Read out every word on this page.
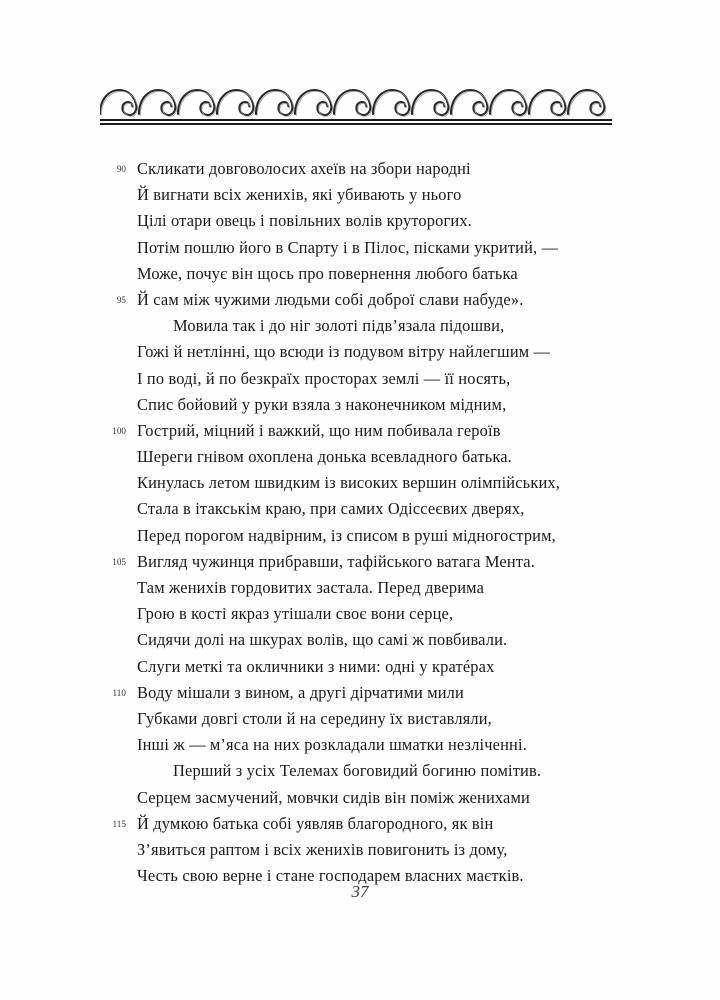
90 Скликати довговолосих ахеїв на збори народні
Й вигнати всіх женихів, які убивають у нього
Цілі отари овець і повільних волів круторогих.
Потім пошлю його в Спарту і в Пілос, пісками укритий, —
Може, почує він щось про повернення любого батька
95 Й сам між чужими людьми собі доброї слави набуде».
Мовила так і до ніг золоті підв’язала підошви,
Гожі й нетлінні, що всюди із подувом вітру найлегшим —
І по воді, й по безкраїх просторах землі — її носять,
Спис бойовий у руки взяла з наконечником мідним,
100 Гострий, міцний і важкий, що ним побивала героїв
Шереги гнівом охоплена донька всевладного батька.
Кинулась летом швидким із високих вершин олімпійських,
Стала в ітакськім краю, при самих Одіссеєвих дверях,
Перед порогом надвірним, із списом в руші мідногострим,
105 Вигляд чужинця прибравши, тафійського ватага Мента.
Там женихів гордовитих застала. Перед дверима
Грою в кості якраз утішали своє вони серце,
Сидячи долі на шкурах волів, що самі ж повбивали.
Слуги меткі та окличники з ними: одні у кратéрах
110 Воду мішали з вином, а другі дірчатими мили
Губками довгі столи й на середину їх виставляли,
Інші ж — м’яса на них розкладали шматки незліченні.
Перший з усіх Телемах боговидий богиню помітив.
Серцем засмучений, мовчки сидів він поміж женихами
115 Й думкою батька собі уявляв благородного, як він
З’явиться раптом і всіх женихів повигонить із дому,
Честь свою верне і стане господарем власних маєтків.
37
